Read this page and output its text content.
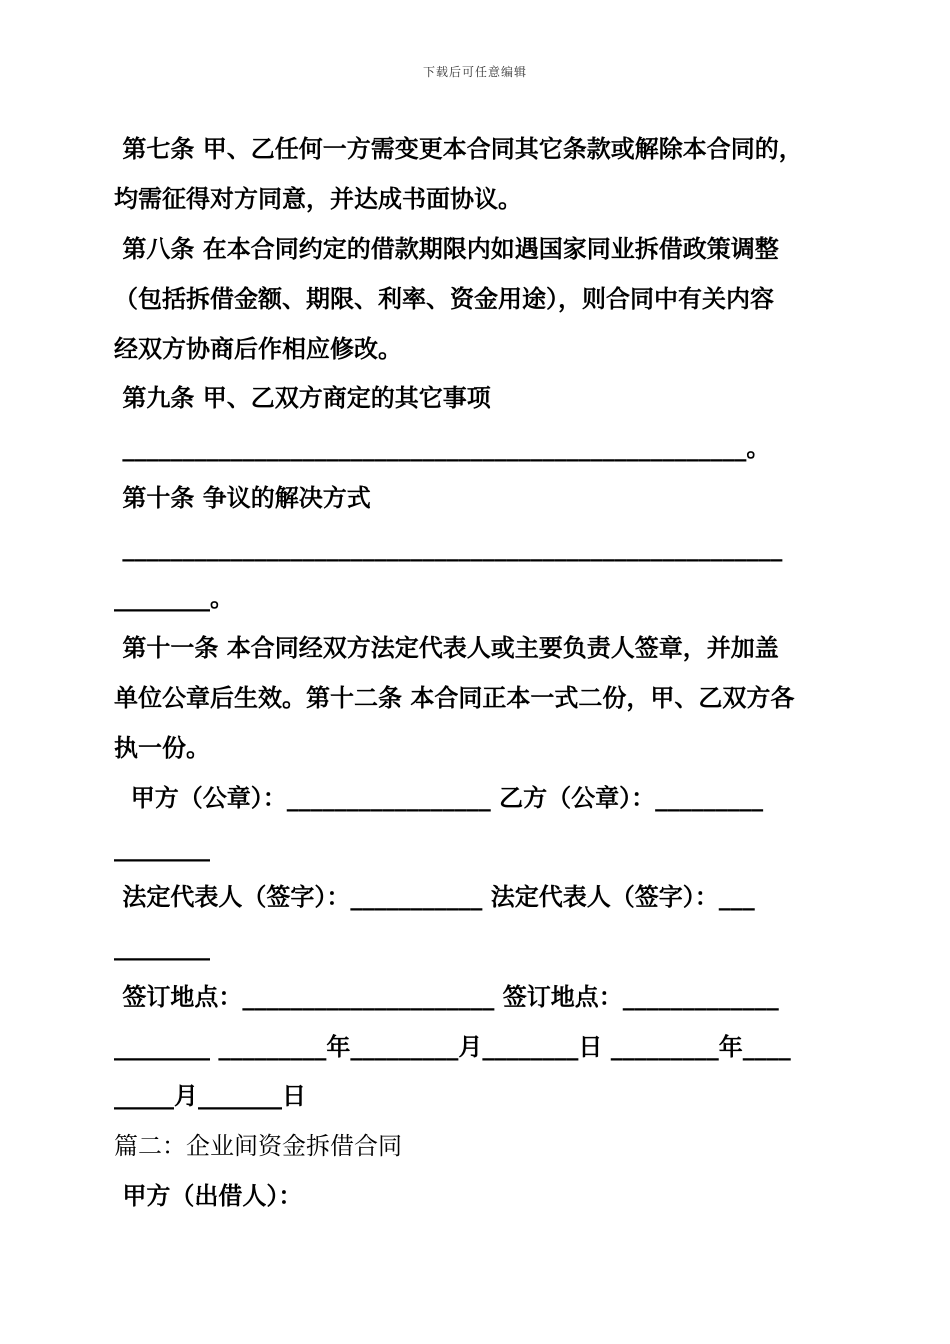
下载后可任意编辑
第七条 甲、乙任何一方需变更本合同其它条款或解除本合同的，
均需征得对方同意，并达成书面协议。
第八条 在本合同约定的借款期限内如遇国家同业拆借政策调整
（包括拆借金额、期限、利率、资金用途），则合同中有关内容
经双方协商后作相应修改。
第九条 甲、乙双方商定的其它事项
____________________________________________________。
第十条 争议的解决方式
_______________________________________________________
________。
第十一条 本合同经双方法定代表人或主要负责人签章，并加盖
单位公章后生效。第十二条 本合同正本一式二份，甲、乙双方各
执一份。
甲方（公章）：_________________ 乙方（公章）：_________
________
法定代表人（签字）：___________ 法定代表人（签字）：___
________
签订地点：_____________________ 签订地点：_____________
________ _________年_________月________日 _________年____
_____月_______日
篇二：企业间资金拆借合同
甲方（出借人）：
